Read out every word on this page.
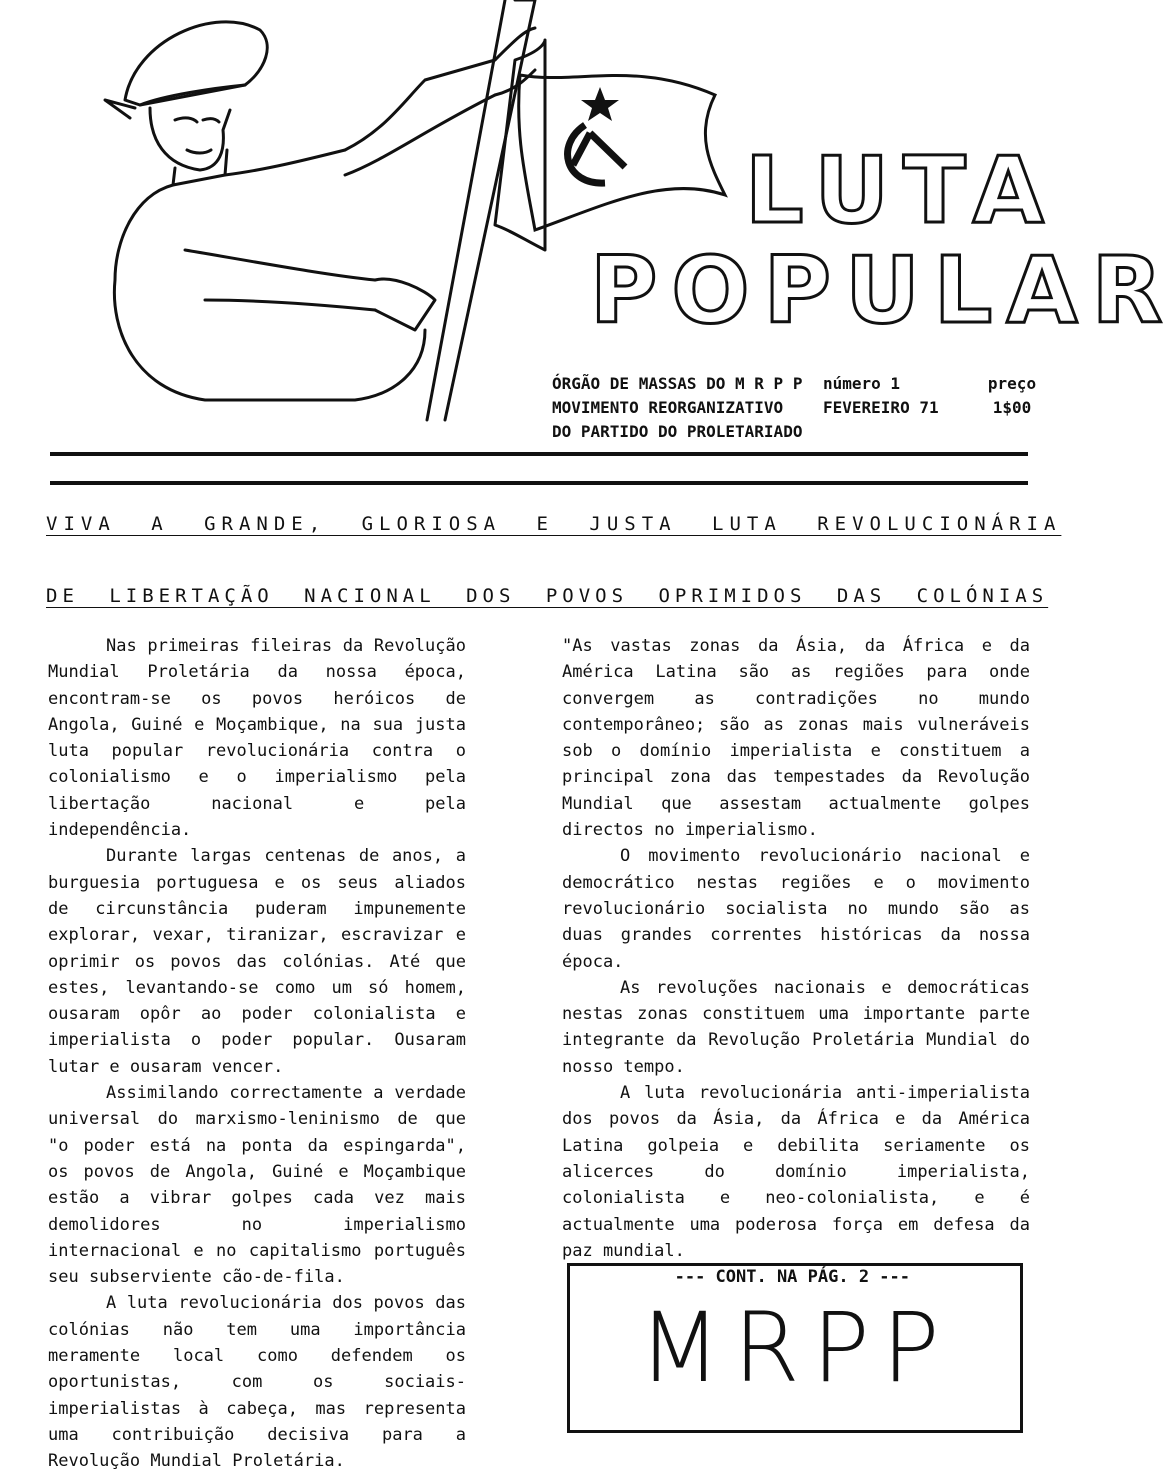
LUTA
POPULAR
ÓRGÃO DE MASSAS DO M R P P
MOVIMENTO REORGANIZATIVO
DO PARTIDO DO PROLETARIADO
número 1
FEVEREIRO 71
preço
1$00
VIVA A GRANDE, GLORIOSA E JUSTA LUTA REVOLUCIONÁRIA
DE LIBERTAÇÃO NACIONAL DOS POVOS OPRIMIDOS DAS COLÓNIAS

Nas primeiras fileiras da Revolução Mundial Proletária da nossa época, encontram-se os povos heróicos de Angola, Guiné e Moçambique, na sua justa luta popular revolucionária contra o colonialismo e o imperialismo pela libertação nacional e pela independência.

Durante largas centenas de anos, a burguesia portuguesa e os seus aliados de circunstância puderam impunemente explorar, vexar, tiranizar, escravizar e oprimir os povos das colónias. Até que estes, levantando-se como um só homem, ousaram opôr ao poder colonialista e imperialista o poder popular. Ousaram lutar e ousaram vencer.

Assimilando correctamente a verdade universal do marxismo-leninismo de que "o poder está na ponta da espingarda", os povos de Angola, Guiné e Moçambique estão a vibrar golpes cada vez mais demolidores no imperialismo internacional e no capitalismo português seu subserviente cão-de-fila.

A luta revolucionária dos povos das colónias não tem uma importância meramente local como defendem os oportunistas, com os sociais-imperialistas à cabeça, mas representa uma contribuição decisiva para a Revolução Mundial Proletária.

"As vastas zonas da Ásia, da África e da América Latina são as regiões para onde convergem as contradições no mundo contemporâneo; são as zonas mais vulneráveis sob o domínio imperialista e constituem a principal zona das tempestades da Revolução Mundial que assestam actualmente golpes directos no imperialismo.

O movimento revolucionário nacional e democrático nestas regiões e o movimento revolucionário socialista no mundo são as duas grandes correntes históricas da nossa época.

As revoluções nacionais e democráticas nestas zonas constituem uma importante parte integrante da Revolução Proletária Mundial do nosso tempo.

A luta revolucionária anti-imperialista dos povos da Ásia, da África e da América Latina golpeia e debilita seriamente os alicerces do domínio imperialista, colonialista e neo-colonialista, e é actualmente uma poderosa força em defesa da paz mundial.

--- CONT. NA PÁG. 2 ---
MRPP
